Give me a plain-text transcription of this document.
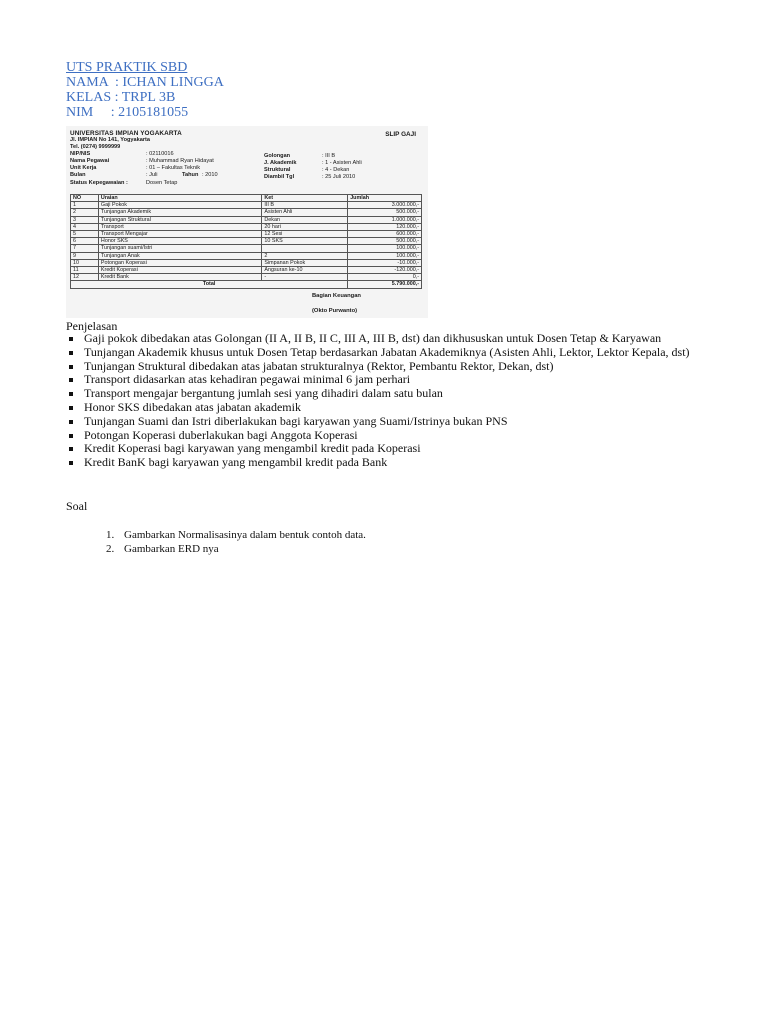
UTS PRAKTIK SBD
NAMA  : ICHAN LINGGA
KELAS : TRPL 3B
NIM     : 2105181055
UNIVERSITAS IMPIAN YOGAKARTA
Jl. IMPIAN No 141, Yogyakarta
Tel. (0274) 9999999
SLIP GAJI
NIP/NIS	: 02110016
Nama Pegawai	: Muhammad Ryan Hidayat
Unit Kerja	: 01 – Fakultas Teknik
Bulan	: Juli	Tahun : 2010
Status Kepegawaian :	Dosen Tetap
Golongan	: III B
J. Akademik	: 1 - Asisten Ahli
Struktural	: 4 - Dekan
Diambil Tgl	: 25 Juli 2010
NO	Uraian	Ket	Jumlah
1	Gaji Pokok	III B	3.000.000,-
2	Tunjangan Akademik	Asisten Ahli	500.000,-
3	Tunjangan Struktural	Dekan	1.000.000,-
4	Transport	20 hari	120.000,-
5	Transport Mengajar	12 Sesi	600.000,-
6	Honor SKS	10 SKS	500.000,-
7	Tunjangan suami/Istri		100.000,-
9	Tunjangan Anak	2	100.000,-
10	Potongan Koperasi	Simpanan Pokok	-10.000,-
11	Kredit Koperasi	Angsuran ke-10	-120.000,-
12	Kredit Bank	-	0,-
Total			5.790.000,-
Bagian Keuangan
(Okto Purwanto)
Penjelasan
Gaji pokok dibedakan atas Golongan (II A, II B, II C, III A, III B, dst) dan dikhususkan untuk Dosen Tetap & Karyawan
Tunjangan Akademik khusus untuk Dosen Tetap berdasarkan Jabatan Akademiknya (Asisten Ahli, Lektor, Lektor Kepala, dst)
Tunjangan Struktural dibedakan atas jabatan strukturalnya (Rektor, Pembantu Rektor, Dekan, dst)
Transport didasarkan atas kehadiran pegawai minimal 6 jam perhari
Transport mengajar bergantung jumlah sesi yang dihadiri dalam satu bulan
Honor SKS dibedakan atas jabatan akademik
Tunjangan Suami dan Istri diberlakukan bagi karyawan yang Suami/Istrinya bukan PNS
Potongan Koperasi duberlakukan bagi Anggota Koperasi
Kredit Koperasi bagi karyawan yang mengambil kredit pada Koperasi
Kredit BanK bagi karyawan yang mengambil kredit pada Bank
Soal
1. Gambarkan Normalisasinya dalam bentuk contoh data.
2. Gambarkan ERD nya
